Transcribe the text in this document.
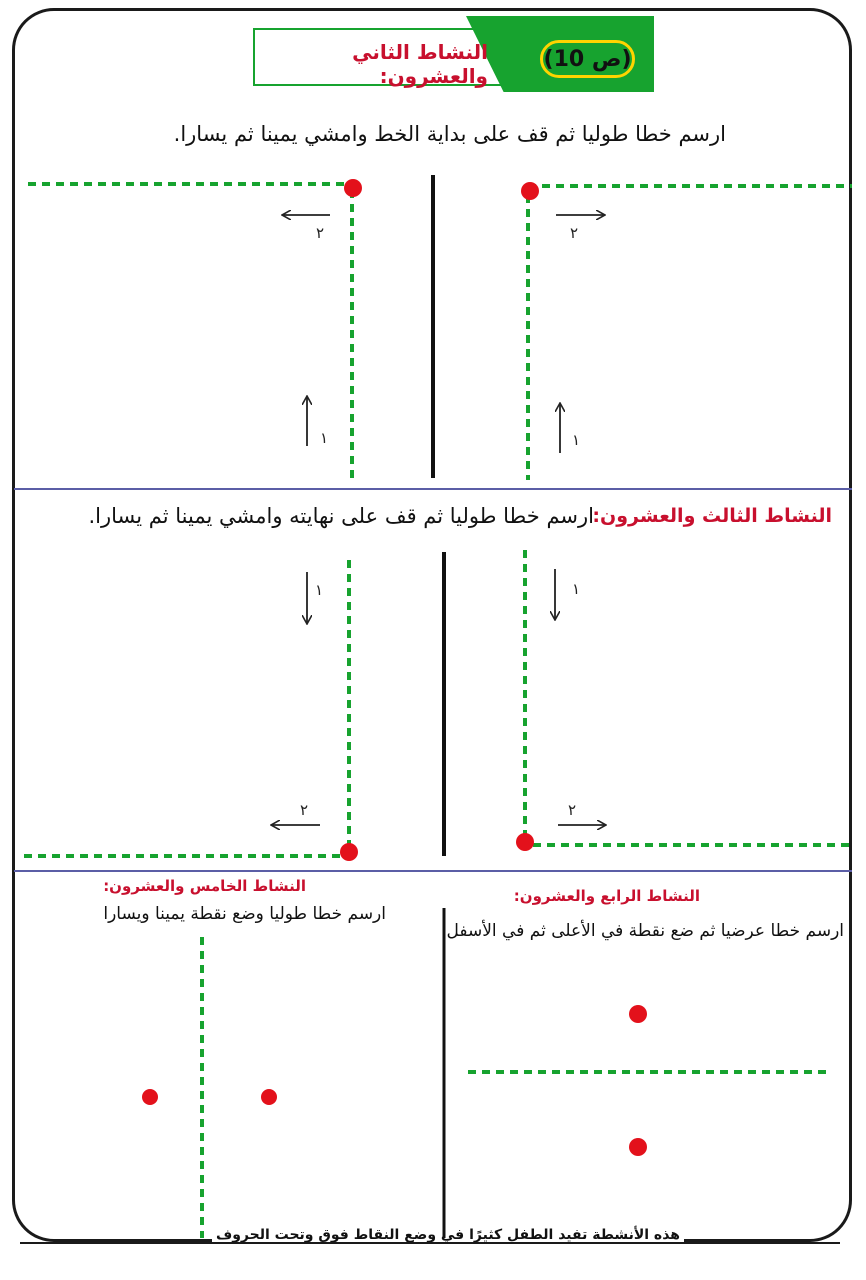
النشاط الثاني والعشرون:
(ص 10)
ارسم خطا طوليا ثم قف على بداية الخط وامشي يمينا ثم يسارا.
النشاط الثالث والعشرون:
ارسم خطا طوليا ثم قف على نهايته وامشي يمينا ثم يسارا.
النشاط الخامس والعشرون:
ارسم خطا طوليا وضع نقطة يمينا ويسارا
النشاط الرابع والعشرون:
ارسم خطا عرضيا ثم ضع نقطة في الأعلى ثم في الأسفل.
هذه الأنشطة تفيد الطفل كثيرًا في وضع النقاط فوق وتحت الحروف
٢
١
٢
١
١
٢
١
٢
